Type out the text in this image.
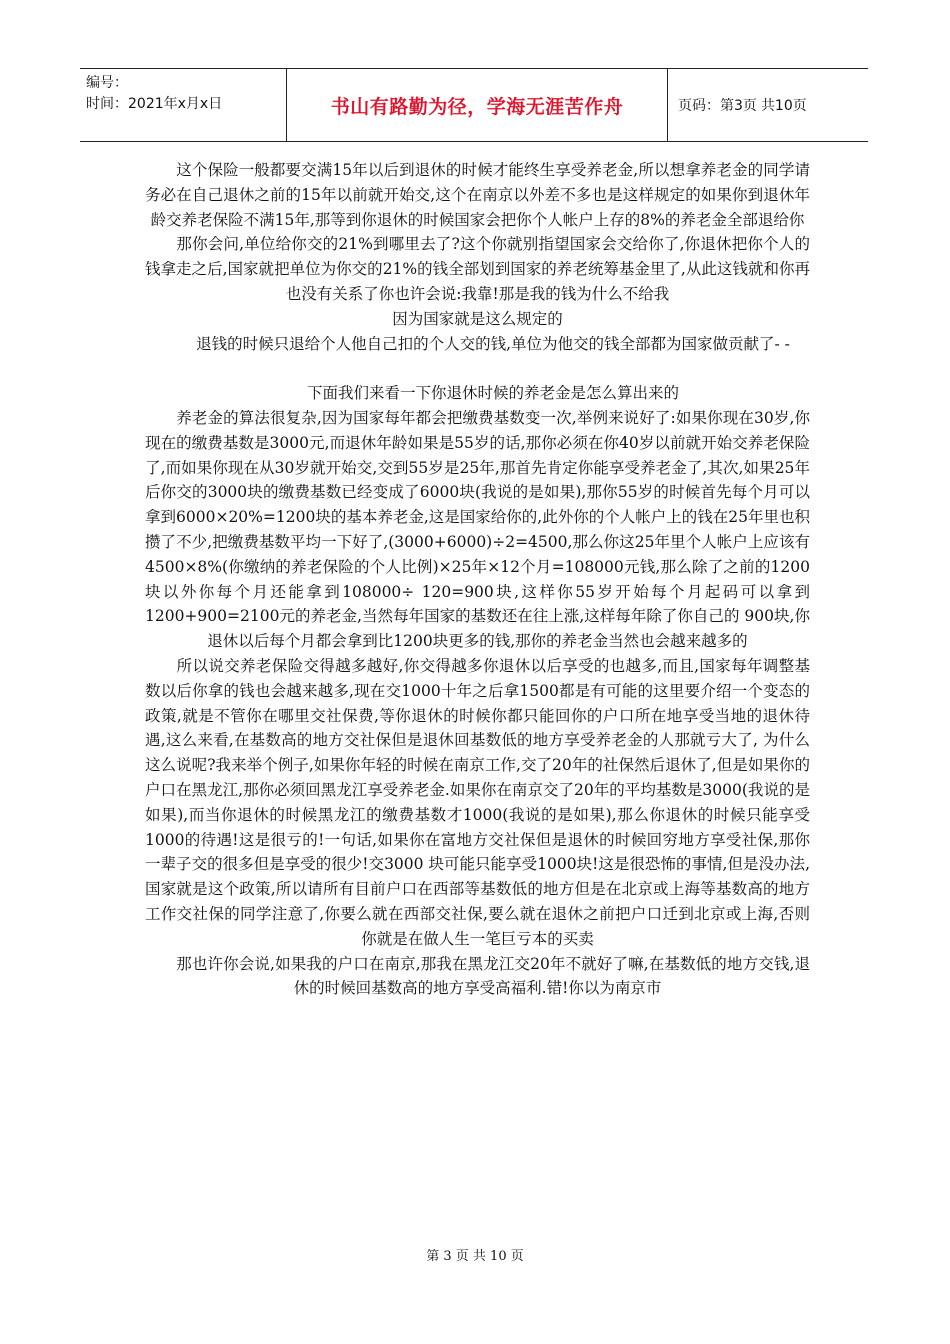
编号：
时间：2021年x月x日	书山有路勤为径，学海无涯苦作舟	页码：第3页 共10页

　　这个保险一般都要交满15年以后到退休的时候才能终生享受养老金,所以想拿养老金的同学请务必在自己退休之前的15年以前就开始交,这个在南京以外差不多也是这样规定的如果你到退休年龄交养老保险不满15年,那等到你退休的时候国家会把你个人帐户上存的8%的养老金全部退给你

　　那你会问,单位给你交的21%到哪里去了?这个你就别指望国家会交给你了,你退休把你个人的钱拿走之后,国家就把单位为你交的21%的钱全部划到国家的养老统筹基金里了,从此这钱就和你再也没有关系了你也许会说:我靠!那是我的钱为什么不给我

因为国家就是这么规定的

　　退钱的时候只退给个人他自己扣的个人交的钱,单位为他交的钱全部都为国家做贡献了- -

　　下面我们来看一下你退休时候的养老金是怎么算出来的

　　养老金的算法很复杂,因为国家每年都会把缴费基数变一次,举例来说好了:如果你现在30岁,你现在的缴费基数是3000元,而退休年龄如果是55岁的话,那你必须在你40岁以前就开始交养老保险了,而如果你现在从30岁就开始交,交到55岁是25年,那首先肯定你能享受养老金了,其次,如果25年后你交的3000块的缴费基数已经变成了6000块(我说的是如果),那你55岁的时候首先每个月可以拿到6000×20%=1200块的基本养老金,这是国家给你的,此外你的个人帐户上的钱在25年里也积攒了不少,把缴费基数平均一下好了,(3000+6000)÷2=4500,那么你这25年里个人帐户上应该有4500×8%(你缴纳的养老保险的个人比例)×25年×12个月=108000元钱,那么除了之前的1200块以外你每个月还能拿到108000÷ 120=900块,这样你55岁开始每个月起码可以拿到1200+900=2100元的养老金,当然每年国家的基数还在往上涨,这样每年除了你自己的 900块,你退休以后每个月都会拿到比1200块更多的钱,那你的养老金当然也会越来越多的

　　所以说交养老保险交得越多越好,你交得越多你退休以后享受的也越多,而且,国家每年调整基数以后你拿的钱也会越来越多,现在交1000十年之后拿1500都是有可能的这里要介绍一个变态的政策,就是不管你在哪里交社保费,等你退休的时候你都只能回你的户口所在地享受当地的退休待遇,这么来看,在基数高的地方交社保但是退休回基数低的地方享受养老金的人那就亏大了, 为什么这么说呢?我来举个例子,如果你年轻的时候在南京工作,交了20年的社保然后退休了,但是如果你的户口在黑龙江,那你必须回黑龙江享受养老金.如果你在南京交了20年的平均基数是3000(我说的是如果),而当你退休的时候黑龙江的缴费基数才1000(我说的是如果),那么你退休的时候只能享受 1000的待遇!这是很亏的!一句话,如果你在富地方交社保但是退休的时候回穷地方享受社保,那你一辈子交的很多但是享受的很少!交3000 块可能只能享受1000块!这是很恐怖的事情,但是没办法,国家就是这个政策,所以请所有目前户口在西部等基数低的地方但是在北京或上海等基数高的地方工作交社保的同学注意了,你要么就在西部交社保,要么就在退休之前把户口迁到北京或上海,否则你就是在做人生一笔巨亏本的买卖

　　那也许你会说,如果我的户口在南京,那我在黑龙江交20年不就好了嘛,在基数低的地方交钱,退休的时候回基数高的地方享受高福利.错!你以为南京市

第 3 页 共 10 页
